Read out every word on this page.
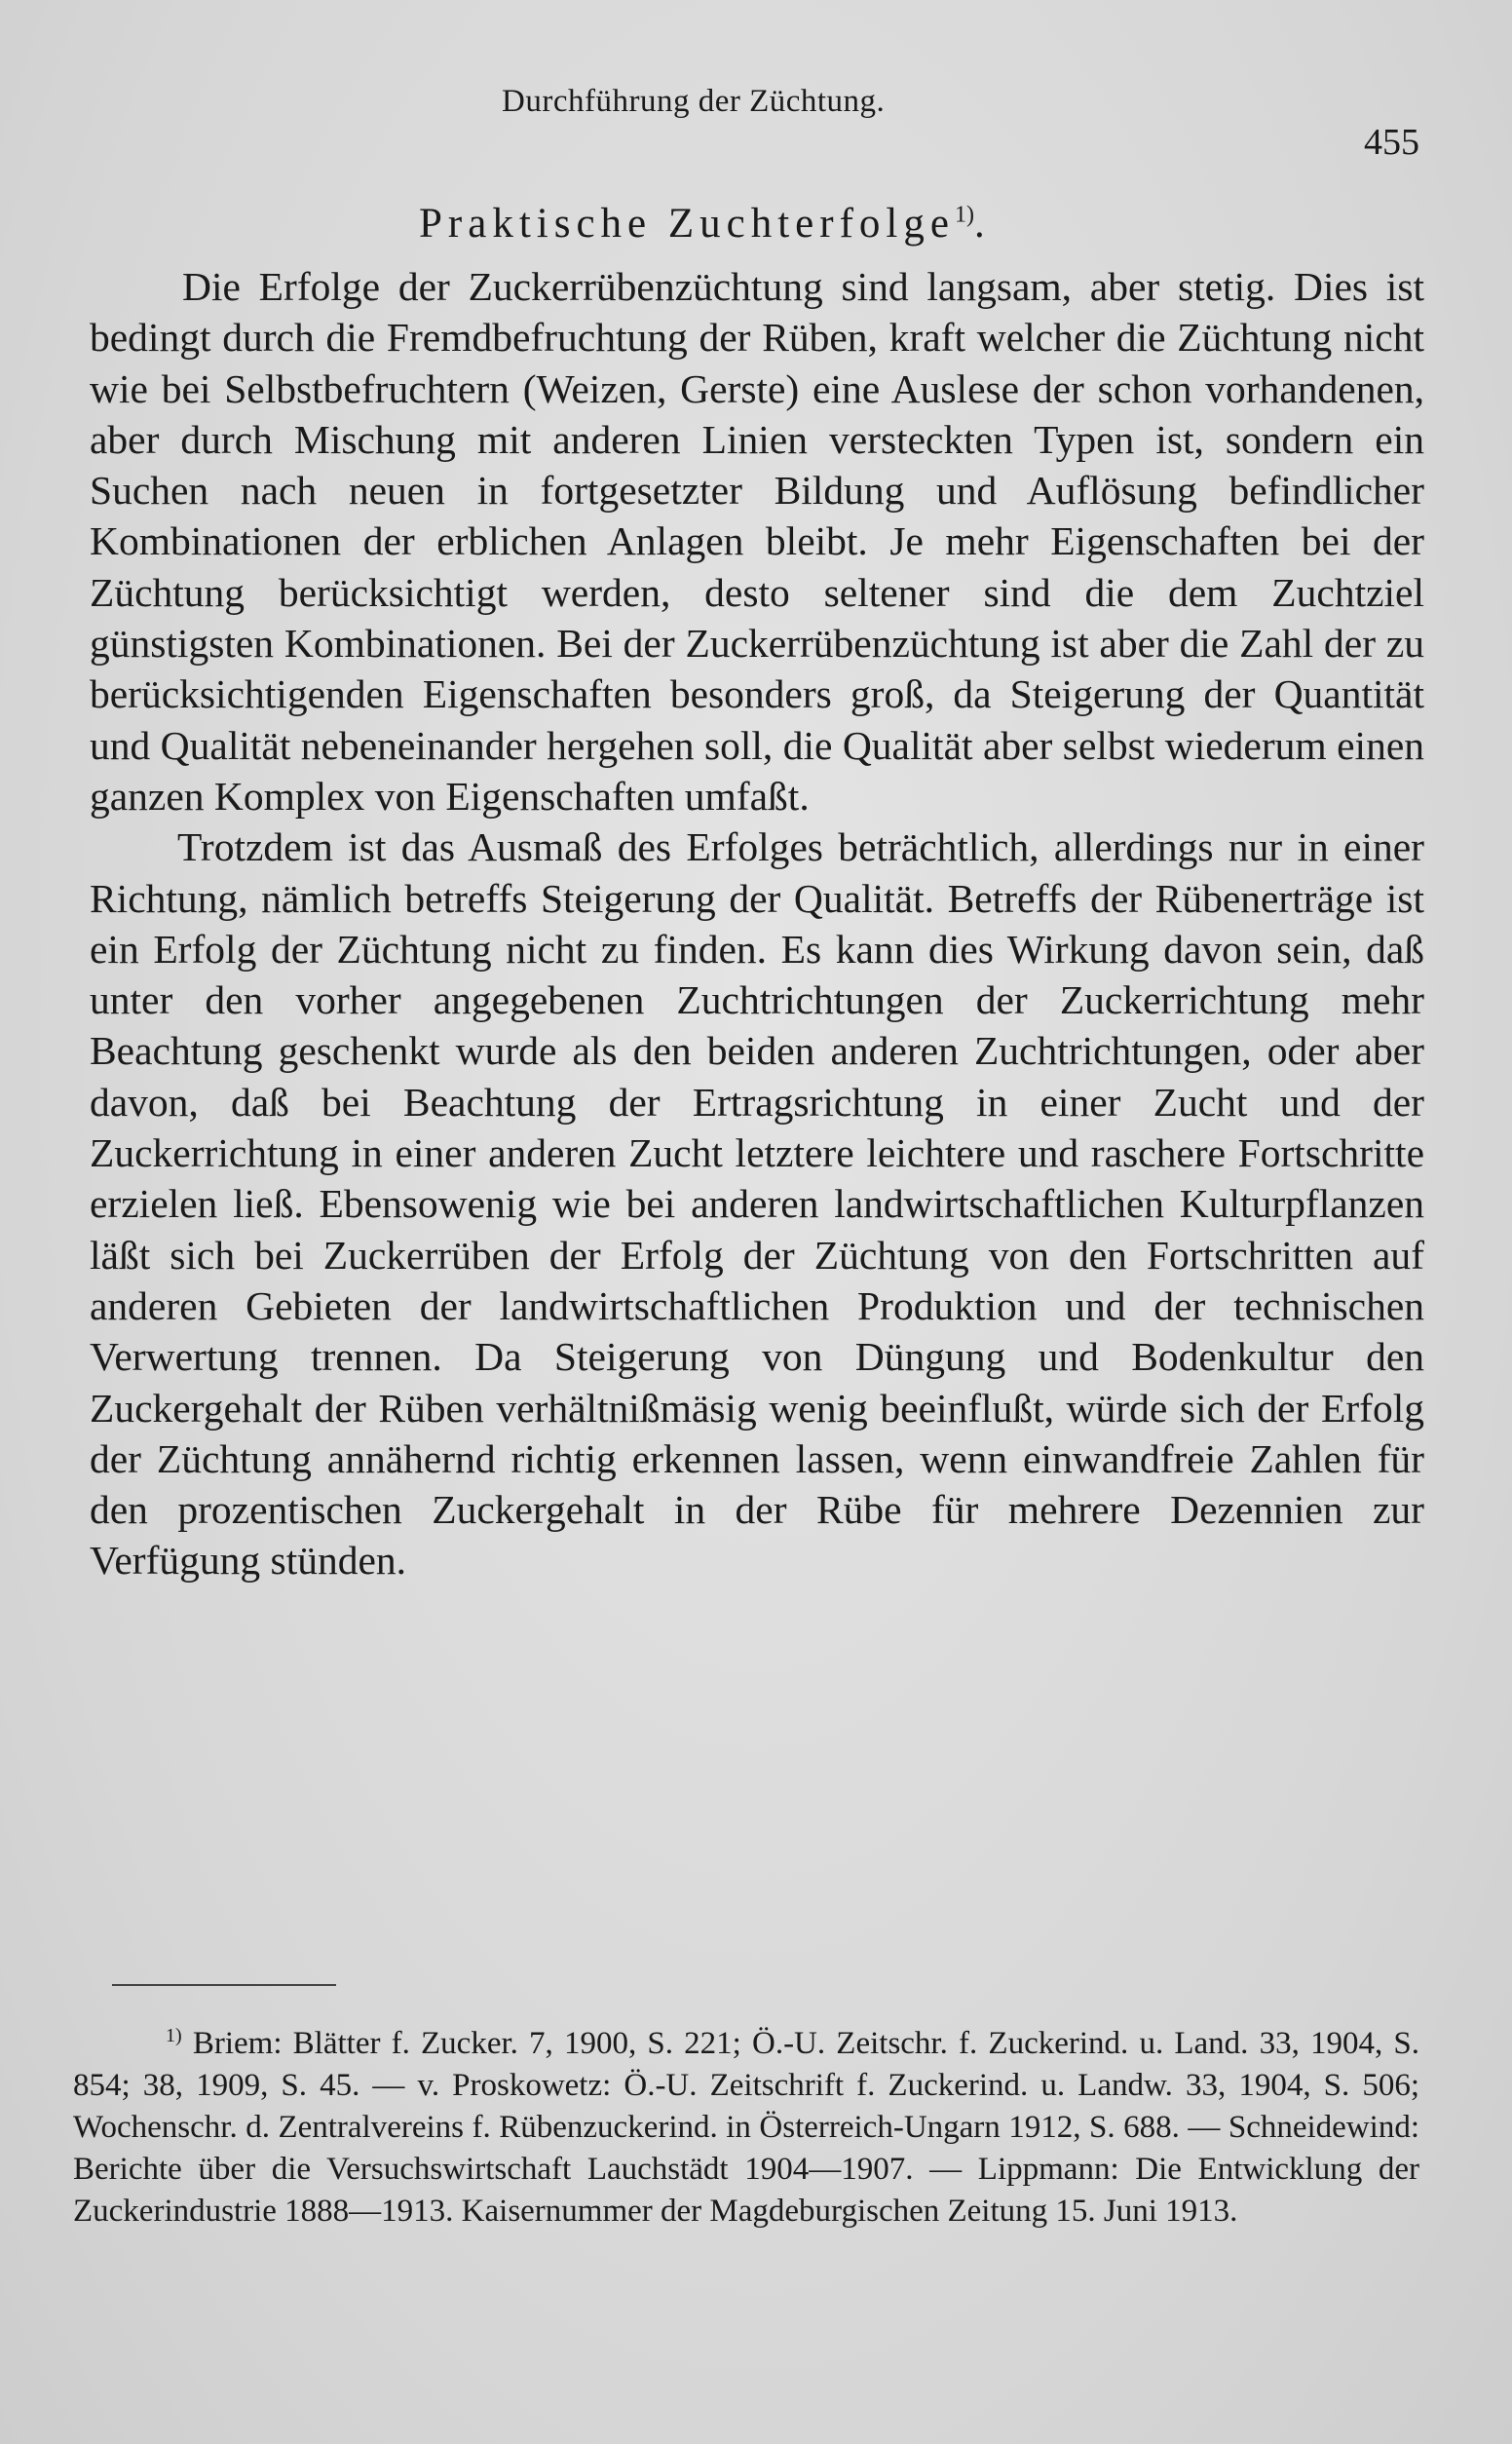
Durchführung der Züchtung.
455
Praktische Zuchterfolge$^{1)}$.

Die Erfolge der Zuckerrübenzüchtung sind langsam, aber stetig. Dies ist bedingt durch die Fremdbefruchtung der Rüben, kraft welcher die Züchtung nicht wie bei Selbstbefruchtern (Weizen, Gerste) eine Auslese der schon vorhandenen, aber durch Mischung mit anderen Linien versteckten Typen ist, sondern ein Suchen nach neuen in fortgesetzter Bildung und Auflösung befindlicher Kombinationen der erblichen Anlagen bleibt. Je mehr Eigenschaften bei der Züchtung berücksichtigt werden, desto seltener sind die dem Zuchtziel günstigsten Kombinationen. Bei der Zuckerrübenzüchtung ist aber die Zahl der zu berücksichtigenden Eigenschaften besonders groß, da Steigerung der Quantität und Qualität nebeneinander hergehen soll, die Qualität aber selbst wiederum einen ganzen Komplex von Eigenschaften umfaßt.

Trotzdem ist das Ausmaß des Erfolges beträchtlich, allerdings nur in einer Richtung, nämlich betreffs Steigerung der Qualität. Betreffs der Rübenerträge ist ein Erfolg der Züchtung nicht zu finden. Es kann dies Wirkung davon sein, daß unter den vorher angegebenen Zuchtrichtungen der Zuckerrichtung mehr Beachtung geschenkt wurde als den beiden anderen Zuchtrichtungen, oder aber davon, daß bei Beachtung der Ertragsrichtung in einer Zucht und der Zuckerrichtung in einer anderen Zucht letztere leichtere und raschere Fortschritte erzielen ließ. Ebensowenig wie bei anderen landwirtschaftlichen Kulturpflanzen läßt sich bei Zuckerrüben der Erfolg der Züchtung von den Fortschritten auf anderen Gebieten der landwirtschaftlichen Produktion und der technischen Verwertung trennen. Da Steigerung von Düngung und Bodenkultur den Zuckergehalt der Rüben verhältnißmäsig wenig beeinflußt, würde sich der Erfolg der Züchtung annähernd richtig erkennen lassen, wenn einwandfreie Zahlen für den prozentischen Zuckergehalt in der Rübe für mehrere Dezennien zur Verfügung stünden.

$^{1)}$ Briem: Blätter f. Zucker. 7, 1900, S. 221; Ö.-U. Zeitschr. f. Zuckerind. u. Land. 33, 1904, S. 854; 38, 1909, S. 45. — v. Proskowetz: Ö.-U. Zeitschrift f. Zuckerind. u. Landw. 33, 1904, S. 506; Wochenschr. d. Zentralvereins f. Rübenzuckerind. in Österreich-Ungarn 1912, S. 688. — Schneidewind: Berichte über die Versuchswirtschaft Lauchstädt 1904—1907. — Lippmann: Die Entwicklung der Zuckerindustrie 1888—1913. Kaisernummer der Magdeburgischen Zeitung 15. Juni 1913.
